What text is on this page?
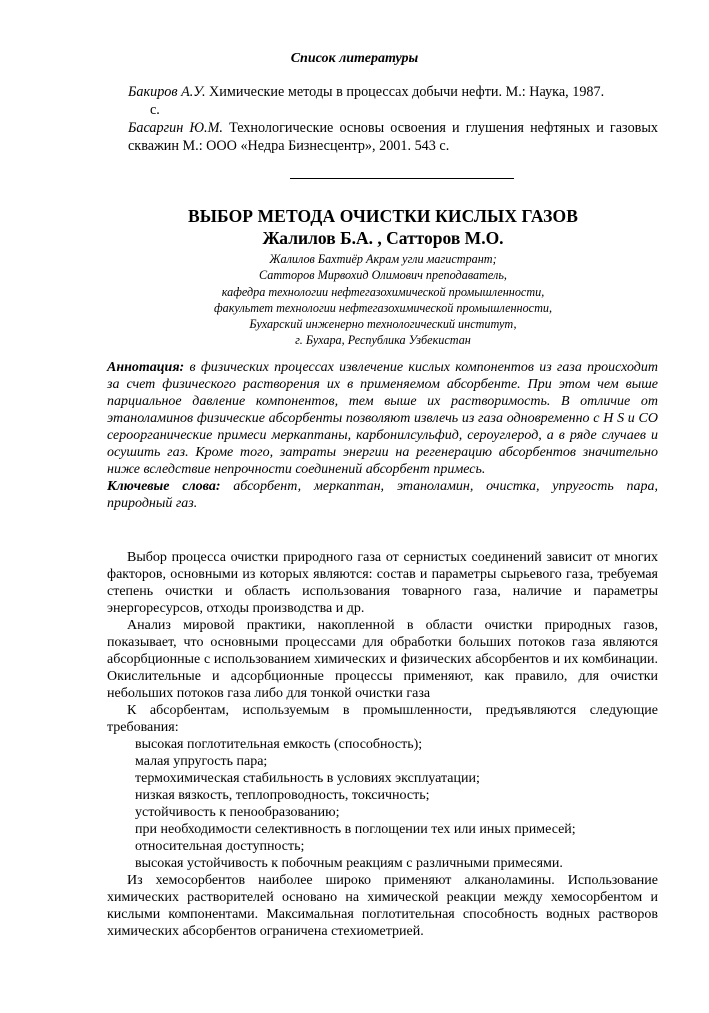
Список литературы

Бакиров А.У. Химические методы в процессах добычи нефти. М.: Наука, 1987.
с.

Басаргин Ю.М. Технологические основы освоения и глушения нефтяных и газовых скважин М.: ООО «Недра Бизнесцентр», 2001. 543 с.

ВЫБОР МЕТОДА ОЧИСТКИ КИСЛЫХ ГАЗОВ
Жалилов Б.А. , Сатторов М.О.
Жалилов Бахтиёр Акрам угли магистрант;
Сатторов Мирвохид Олимович преподаватель,
кафедра технологии нефтегазохимической промышленности,
факультет технологии нефтегазохимической промышленности,
Бухарский инженерно технологический институт,
г. Бухара, Республика Узбекистан
Аннотация: в физических процессах извлечение кислых компонентов из газа происходит за счет физического растворения их в применяемом абсорбенте. При этом чем выше парциальное давление компонентов, тем выше их растворимость. В отличие от этаноламинов физические абсорбенты позволяют извлечь из газа одновременно с H S и CO сероорганические примеси меркаптаны, карбонилсульфид, сероуглерод, а в ряде случаев и осушить газ. Кроме того, затраты энергии на регенерацию абсорбентов значительно ниже вследствие непрочности соединений абсорбент примесь.
Ключевые слова: абсорбент, меркаптан, этаноламин, очистка, упругость пара, природный газ.

Выбор процесса очистки природного газа от сернистых соединений зависит от многих факторов, основными из которых являются: состав и параметры сырьевого газа, требуемая степень очистки и область использования товарного газа, наличие и параметры энергоресурсов, отходы производства и др.

Анализ мировой практики, накопленной в области очистки природных газов, показывает, что основными процессами для обработки больших потоков газа являются абсорбционные с использованием химических и физических абсорбентов и их комбинации. Окислительные и адсорбционные процессы применяют, как правило, для очистки небольших потоков газа либо для тонкой очистки газа

К абсорбентам, используемым в промышленности, предъявляются следующие требования:

высокая поглотительная емкость (способность);
малая упругость пара;
термохимическая стабильность в условиях эксплуатации;
низкая вязкость, теплопроводность, токсичность;
устойчивость к пенообразованию;
при необходимости селективность в поглощении тех или иных примесей;
относительная доступность;
высокая устойчивость к побочным реакциям с различными примесями.

Из хемосорбентов наиболее широко применяют алканоламины. Использование химических растворителей основано на химической реакции между хемосорбентом и кислыми компонентами. Максимальная поглотительная способность водных растворов химических абсорбентов ограничена стехиометрией.
